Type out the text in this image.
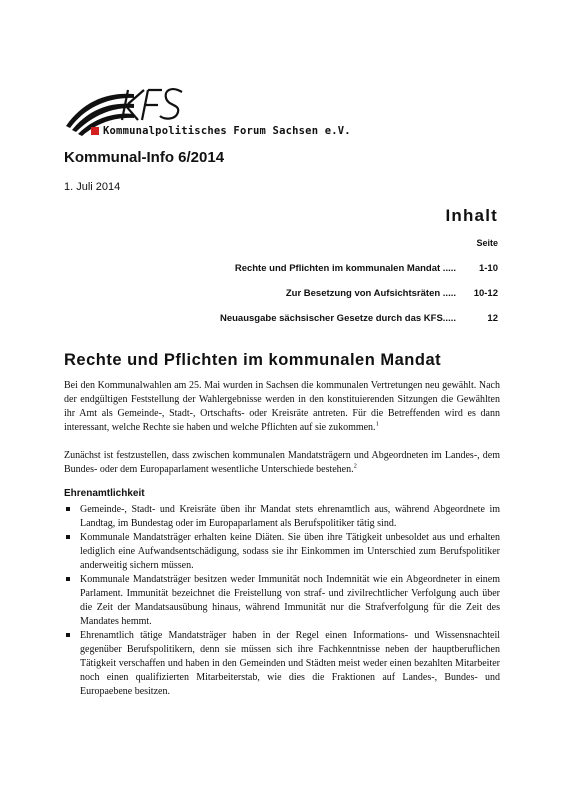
Kommunalpolitisches Forum Sachsen e.V.
Kommunal-Info 6/2014
1. Juli 2014
Inhalt
Seite
Rechte und Pflichten im kommunalen Mandat .....	1-10
Zur Besetzung von Aufsichtsräten .....	10-12
Neuausgabe sächsischer Gesetze durch das KFS.....	12
Rechte und Pflichten im kommunalen Mandat
Bei den Kommunalwahlen am 25. Mai wurden in Sachsen die kommunalen Vertretungen neu gewählt. Nach der endgültigen Feststellung der Wahlergebnisse werden in den konstituierenden Sitzungen die Gewählten ihr Amt als Gemeinde-, Stadt-, Ortschafts- oder Kreisräte antreten. Für die Betreffenden wird es dann interessant, welche Rechte sie haben und welche Pflichten auf sie zukommen.$^1$
Zunächst ist festzustellen, dass zwischen kommunalen Mandatsträgern und Abgeordneten im Landes-, dem Bundes- oder dem Europaparlament wesentliche Unterschiede bestehen.$^2$
Ehrenamtlichkeit
Gemeinde-, Stadt- und Kreisräte üben ihr Mandat stets ehrenamtlich aus, während Abgeordnete im Landtag, im Bundestag oder im Europaparlament als Berufspolitiker tätig sind.
Kommunale Mandatsträger erhalten keine Diäten. Sie üben ihre Tätigkeit unbesoldet aus und erhalten lediglich eine Aufwandsentschädigung, sodass sie ihr Einkommen im Unterschied zum Berufspolitiker anderweitig sichern müssen.
Kommunale Mandatsträger besitzen weder Immunität noch Indemnität wie ein Abgeordneter in einem Parlament. Immunität bezeichnet die Freistellung von straf- und zivilrechtlicher Verfolgung auch über die Zeit der Mandatsausübung hinaus, während Immunität nur die Strafverfolgung für die Zeit des Mandates hemmt.
Ehrenamtlich tätige Mandatsträger haben in der Regel einen Informations- und Wissensnachteil gegenüber Berufspolitikern, denn sie müssen sich ihre Fachkenntnisse neben der hauptberuflichen Tätigkeit verschaffen und haben in den Gemeinden und Städten meist weder einen bezahlten Mitarbeiter noch einen qualifizierten Mitarbeiterstab, wie dies die Fraktionen auf Landes-, Bundes- und Europaebene besitzen.
